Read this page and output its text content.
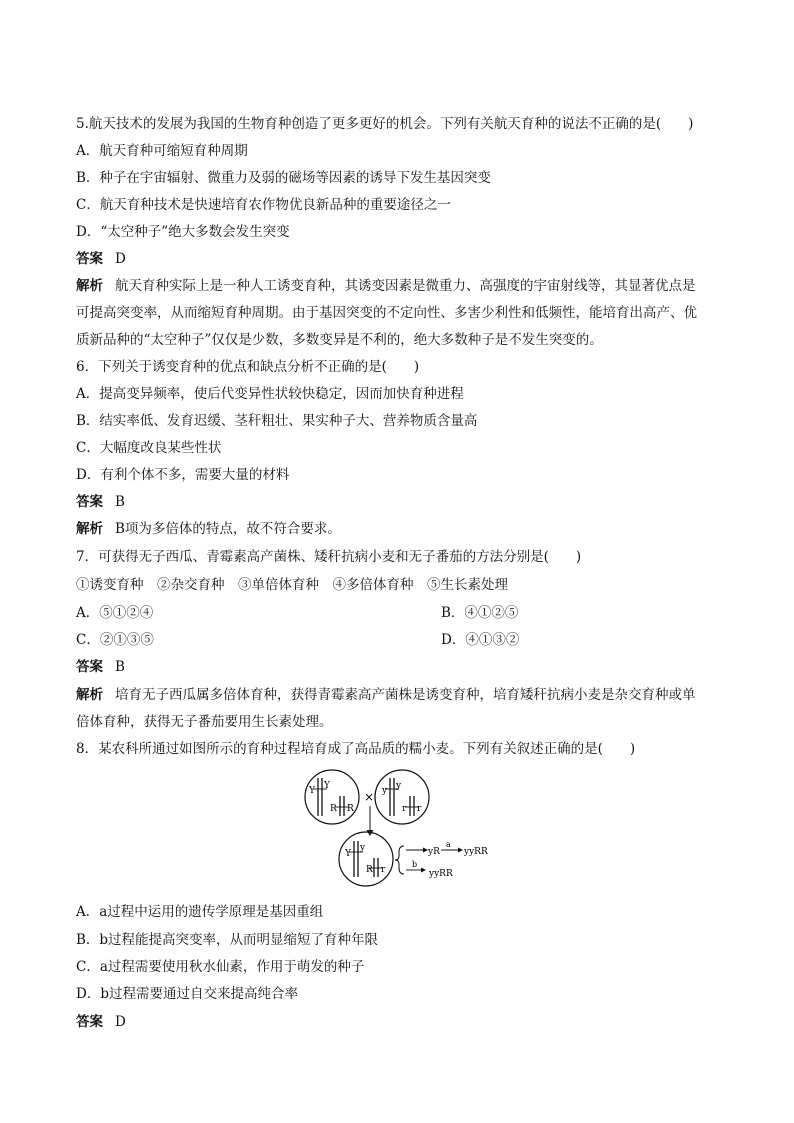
5.航天技术的发展为我国的生物育种创造了更多更好的机会。下列有关航天育种的说法不正确的是(　　)
A．航天育种可缩短育种周期
B．种子在宇宙辐射、微重力及弱的磁场等因素的诱导下发生基因突变
C．航天育种技术是快速培育农作物优良新品种的重要途径之一
D．“太空种子”绝大多数会发生突变
答案 D
解析 航天育种实际上是一种人工诱变育种，其诱变因素是微重力、高强度的宇宙射线等，其显著优点是
可提高突变率，从而缩短育种周期。由于基因突变的不定向性、多害少利性和低频性，能培育出高产、优
质新品种的“太空种子”仅仅是少数，多数变异是不利的，绝大多数种子是不发生突变的。
6．下列关于诱变育种的优点和缺点分析不正确的是(　　)
A．提高变异频率，使后代变异性状较快稳定，因而加快育种进程
B．结实率低、发育迟缓、茎秆粗壮、果实种子大、营养物质含量高
C．大幅度改良某些性状
D．有利个体不多，需要大量的材料
答案 B
解析 B项为多倍体的特点，故不符合要求。
7．可获得无子西瓜、青霉素高产菌株、矮秆抗病小麦和无子番茄的方法分别是(　　)
①诱变育种　②杂交育种　③单倍体育种　④多倍体育种　⑤生长素处理
A．⑤①②④	B．④①②⑤
C．②①③⑤	D．④①③②
答案 B
解析 培育无子西瓜属多倍体育种，获得青霉素高产菌株是诱变育种，培育矮秆抗病小麦是杂交育种或单
倍体育种，获得无子番茄要用生长素处理。
8．某农科所通过如图所示的育种过程培育成了高品质的糯小麦。下列有关叙述正确的是(　　)
Y Y
R R
× y y
r r
Y
y
R r
yR
a
yyRR
b
yyRR
A．a过程中运用的遗传学原理是基因重组
B．b过程能提高突变率，从而明显缩短了育种年限
C．a过程需要使用秋水仙素，作用于萌发的种子
D．b过程需要通过自交来提高纯合率
答案 D
